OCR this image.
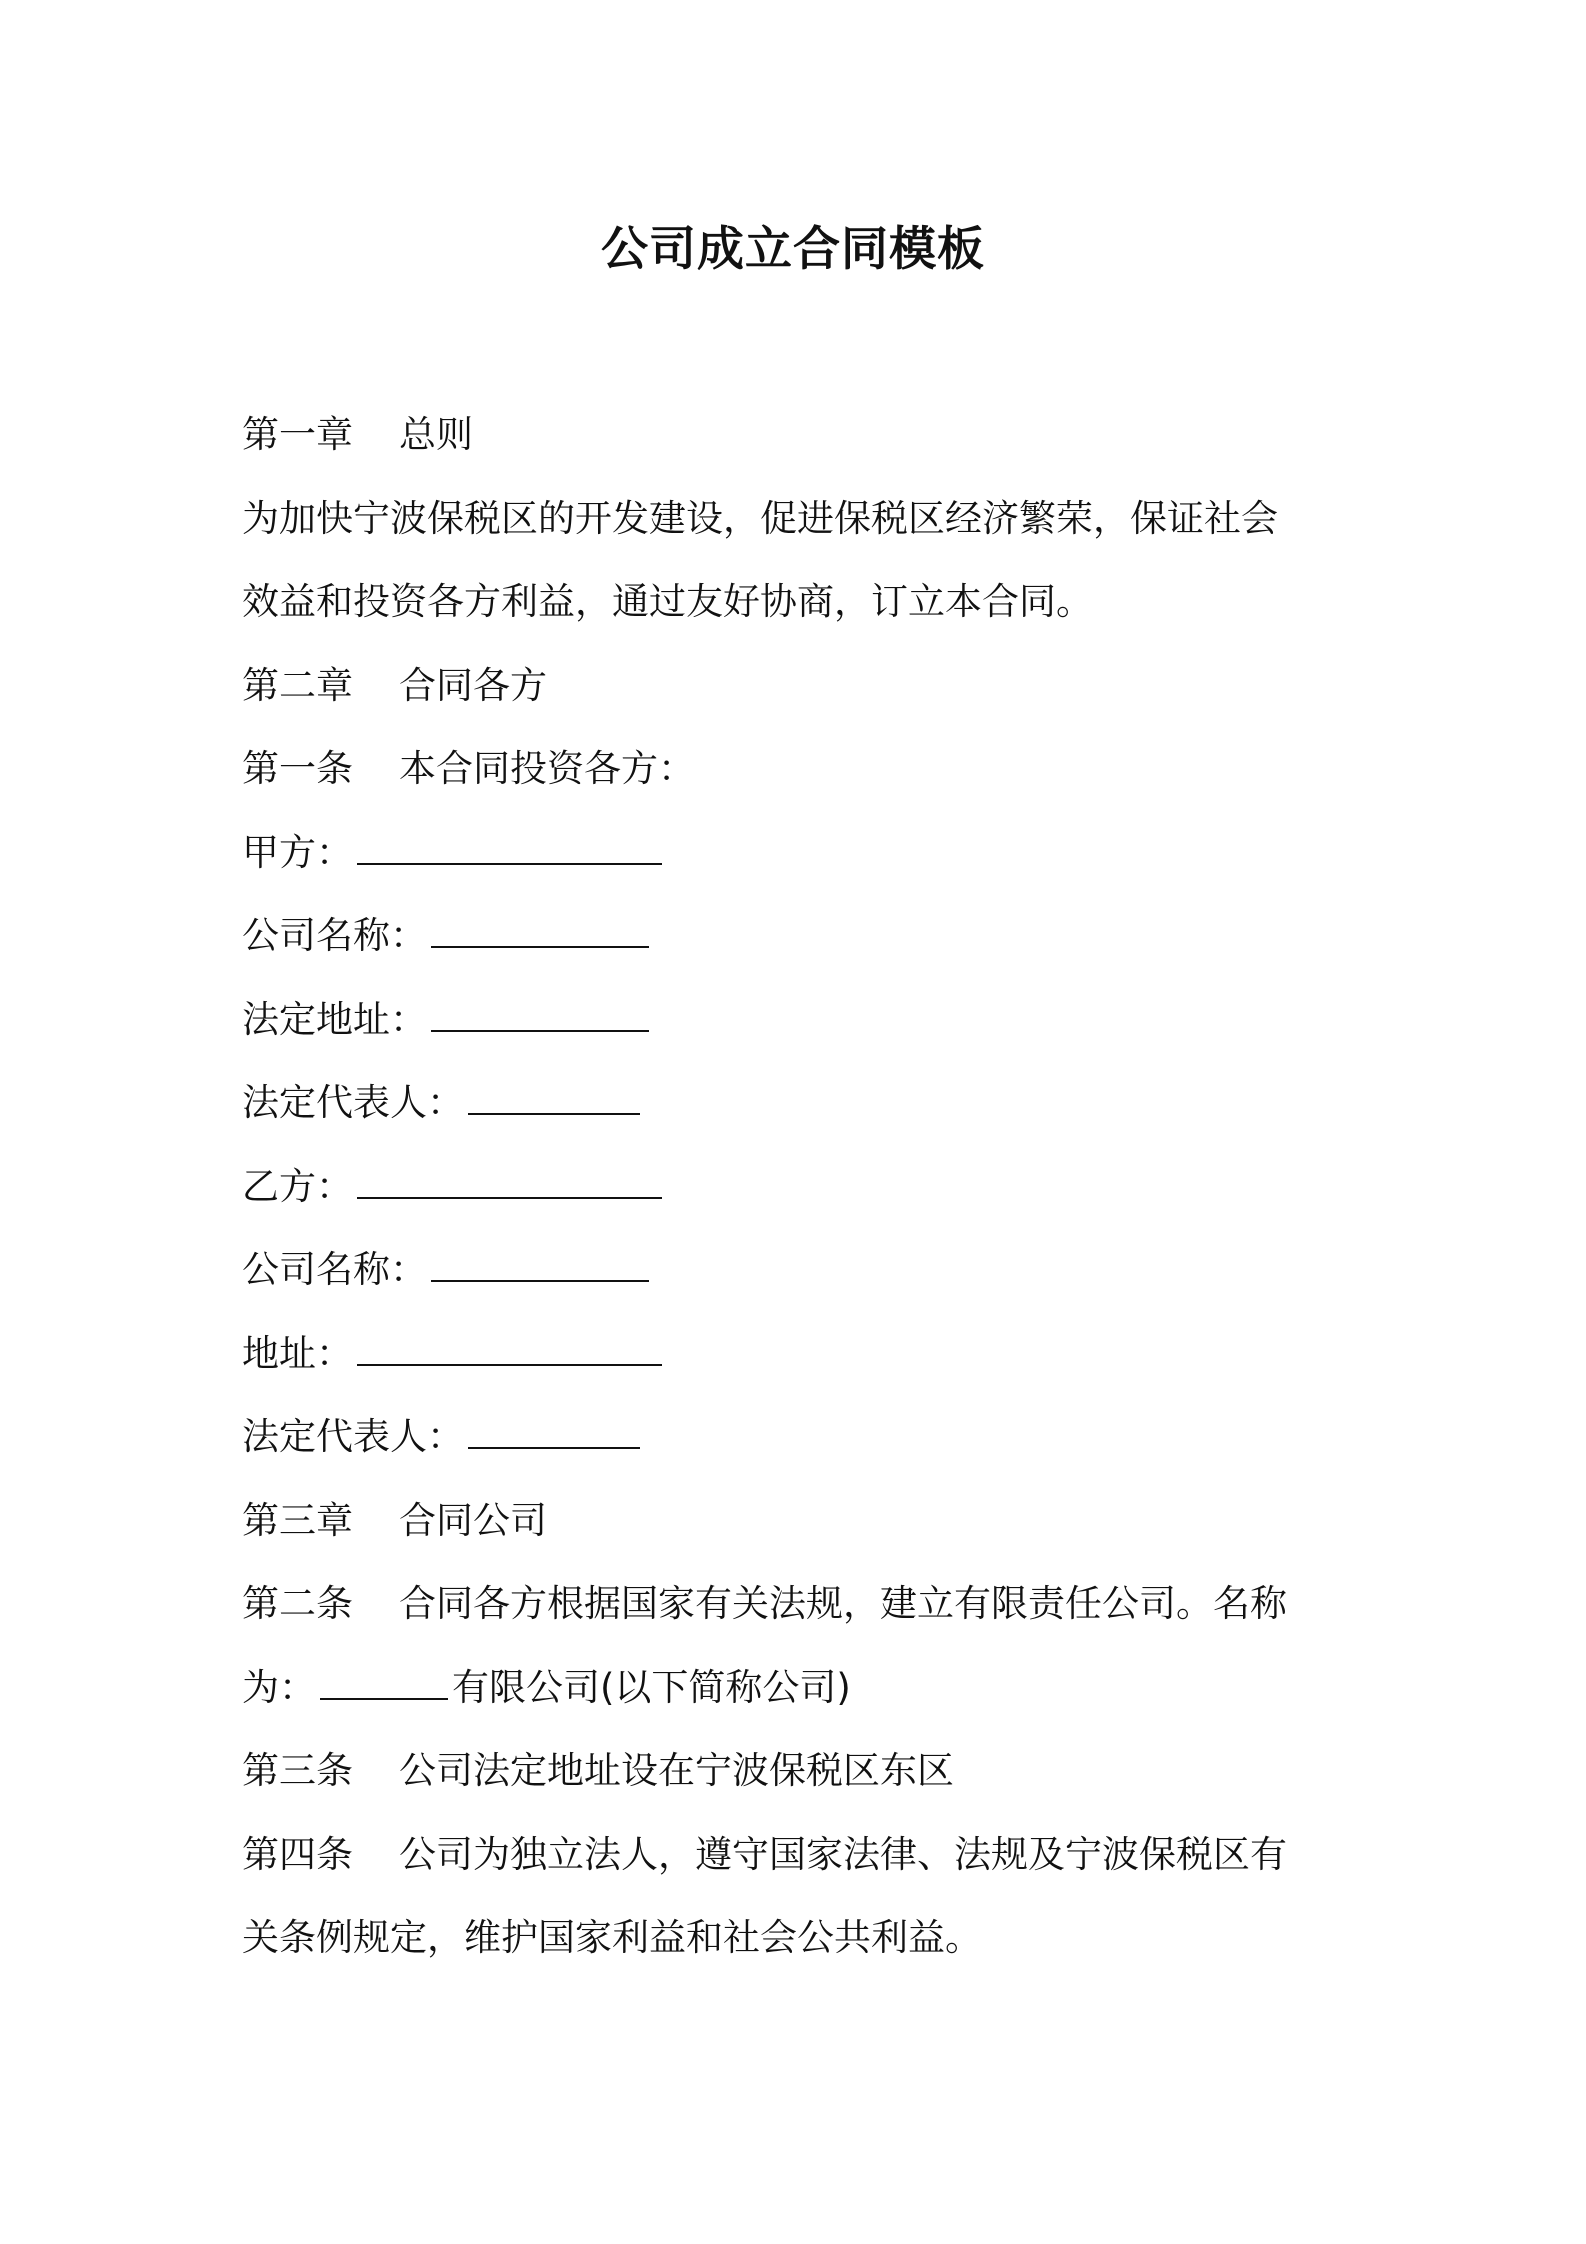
公司成立合同模板
第一章 总则
为加快宁波保税区的开发建设，促进保税区经济繁荣，保证社会
效益和投资各方利益，通过友好协商，订立本合同。
第二章 合同各方
第一条 本合同投资各方：
甲方：
公司名称：
法定地址：
法定代表人：
乙方：
公司名称：
地址：
法定代表人：
第三章 合同公司
第二条 合同各方根据国家有关法规，建立有限责任公司。名称
为：	有限公司(以下简称公司)
第三条 公司法定地址设在宁波保税区东区
第四条 公司为独立法人，遵守国家法律、法规及宁波保税区有
关条例规定，维护国家利益和社会公共利益。
